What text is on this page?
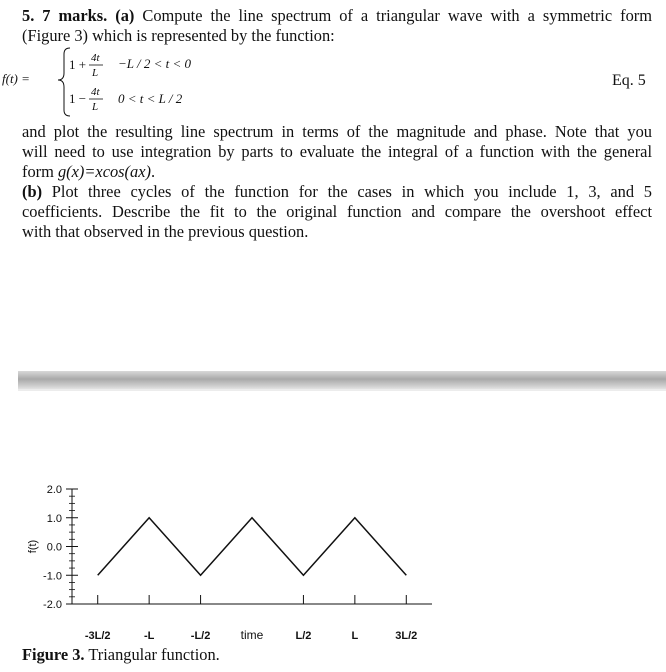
5. 7 marks. (a) Compute the line spectrum of a triangular wave with a symmetric form
(Figure 3) which is represented by the function:
f(t) =
1 + 4t
L
−L / 2 < t < 0
1 − 4t
L
0 < t < L / 2
Eq. 5
and plot the resulting line spectrum in terms of the magnitude and phase. Note that you
will need to use integration by parts to evaluate the integral of a function with the general
form g(x)=xcos(ax).
(b) Plot three cycles of the function for the cases in which you include 1, 3, and 5
coefficients. Describe the fit to the original function and compare the overshoot effect
with that observed in the previous question.
2.0
1.0
0.0
-1.0
-2.0
-3L/2	-L	-L/2	L/2	L	3L/2
time
f(t)
Figure 3. Triangular function.
